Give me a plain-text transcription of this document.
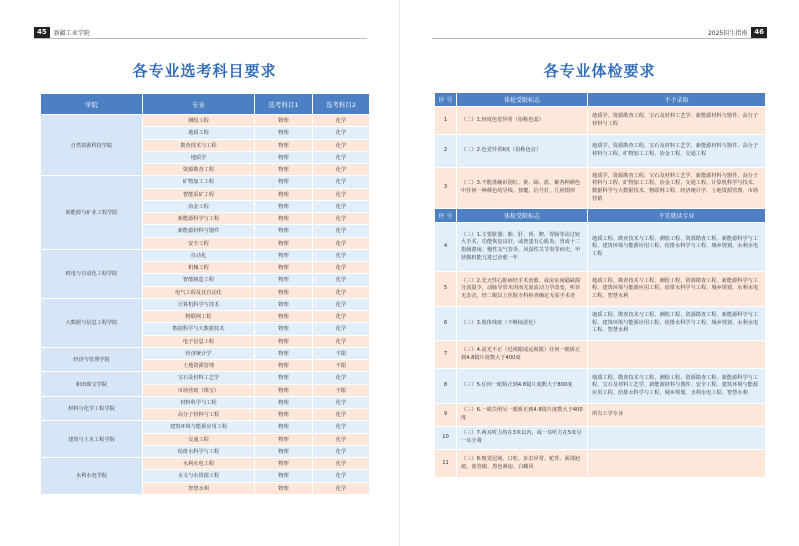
45	新疆工业学院	2025招生指南	46
各专业选考科目要求	各专业体检要求
学院	专业	选考科目1	选考科目2
自然资源科技学院	测绘工程	物理	化学
	地质工程	物理	化学
	勘查技术与工程	物理	化学
	地质学	物理	化学
	资源勘查工程	物理	化学
新能源与矿业工程学院	矿物加工工程	物理	化学
	智能采矿工程	物理	化学
	冶金工程	物理	化学
	新能源科学与工程	物理	化学
	新能源材料与器件	物理	化学
	安全工程	物理	化学
机电与自动化工程学院	自动化	物理	化学
	机械工程	物理	化学
	智能制造工程	物理	化学
	电气工程及其自动化	物理	化学
大数据与信息工程学院	计算机科学与技术	物理	化学
	物联网工程	物理	化学
	数据科学与大数据技术	物理	化学
	电子信息工程	物理	化学
经济与管理学院	经济统计学	物理	不限
	土地资源管理	物理	不限
和田珠宝学院	宝石及材料工艺学	物理	化学
	市场营销（珠宝）	物理	不限
材料与化学工程学院	材料科学与工程	物理	化学
	高分子材料与工程	物理	化学
建筑与土木工程学院	建筑环境与能源应用工程	物理	化学
	交通工程	物理	化学
	给排水科学与工程	物理	化学
水利水电学院	水利水电工程	物理	化学
	水文与水资源工程	物理	化学
	智慧水利	物理	化学
序 号	体检受限标志	不予录取
1	（二）1.轻度色觉异常（俗称色弱）	地质学、资源勘查工程、宝石及材料工艺学、新能源材料与器件、高分子材料与工程
2	（二）2.色觉异常Ⅱ度（俗称色盲）	地质学、资源勘查工程、宝石及材料工艺学、新能源材料与器件、高分子材料与工程、矿物加工工程、冶金工程、交通工程
3	（二）3.不能准确识别红、黄、绿、蓝、紫各种颜色中任何一种颜色的导线、按键、信号灯、几何图形	地质学、资源勘查工程、宝石及材料工艺学、新能源材料与器件、高分子材料与工程、矿物加工工程、冶金工程、交通工程、计算机科学与技术、数据科学与大数据技术、物联网工程、经济统计学、土地资源管理、市场营销
序 号	体检受限标志	不宜就读专业
4	（三）1.主要脏器：肺、肝、肾、脾、胃肠等动过较大手术，功能恢复良好，或曾患有心肌炎、胃或十二指肠溃疡、慢性支气管炎、风湿性关节炎等病史，甲状腺机能亢进已治愈一年	地质工程、勘查技术与工程、测绘工程、资源勘查工程、新能源科学与工程、建筑环境与能源应用工程、给排水科学与工程、城乡规划、水利水电工程
5	（三）2.先天性心脏病经手术治愈，或房室间隔缺损分流量少，动脉导管未闭而无血流动力学改变，听诊无杂音，经二级以上医院专科检查确定无需手术者	地质工程、勘查技术与工程、测绘工程、资源勘查工程、新能源科学与工程、建筑环境与能源应用工程、给排水科学与工程、城乡规划、水利水电工程、智慧水利
6	（三）3.肢体残废（不继续恶化）	地质工程、勘查技术与工程、测绘工程、资源勘查工程、新能源科学与工程、建筑环境与能源应用工程、给排水科学与工程、城乡规划、水利水电工程、智慧水利
7	（三）4.屈光不正（近视眼或远视眼）任何一眼矫正到4.8镜片度数大于400度	
8	（三）5.任何一眼矫正到4.8镜片度数大于800度	地质工程、勘查技术与工程、测绘工程、资源勘查工程、新能源科学与工程、宝石及材料工艺学、新能源材料与器件、安全工程、建筑环境与能源应用工程、给排水科学与工程、城乡规划、水利水电工程、智慧水利
9	（三）6.一眼失明另一眼矫正到4.8镜片度数大于400度	所有工学专业
10	（三）7.两耳听力均在3米以内，或一耳听力在5米另一耳全聋	
11	（三）8.嗅觉迟钝、口吃、步态异常、驼背，面部疤痕、血管瘤、黑色素痣、白癜风	
